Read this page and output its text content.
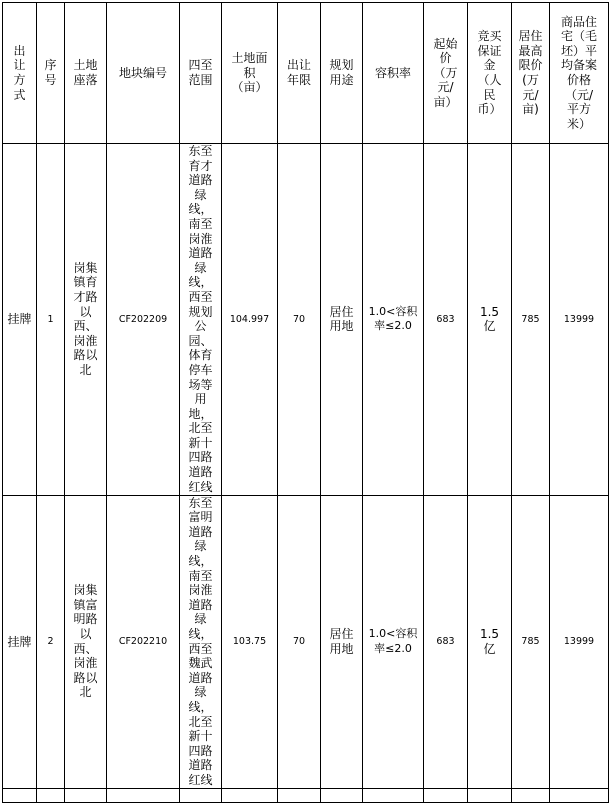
出让方式	序号	土地座落	地块编号	四至范围	土地面积（亩）	出让年限	规划用途	容积率	起始价（万元/亩）	竞买保证金（人民币）	居住最高限价(万元/亩)	商品住宅（毛坯）平均备案价格（元/平方米）
挂牌	1	岗集镇育才路以西、岗淮路以北	CF202209	东至育才道路绿线，南至岗淮道路绿线，西至规划公园、体育停车场等用地，北至新十四路道路红线	104.997	70	居住用地	1.0<容积率≤2.0	683	1.5亿	785	13999
挂牌	2	岗集镇富明路以西、岗淮路以北	CF202210	东至富明道路绿线，南至岗淮道路绿线，西至魏武道路绿线，北至新十四路道路红线	103.75	70	居住用地	1.0<容积率≤2.0	683	1.5亿	785	13999
